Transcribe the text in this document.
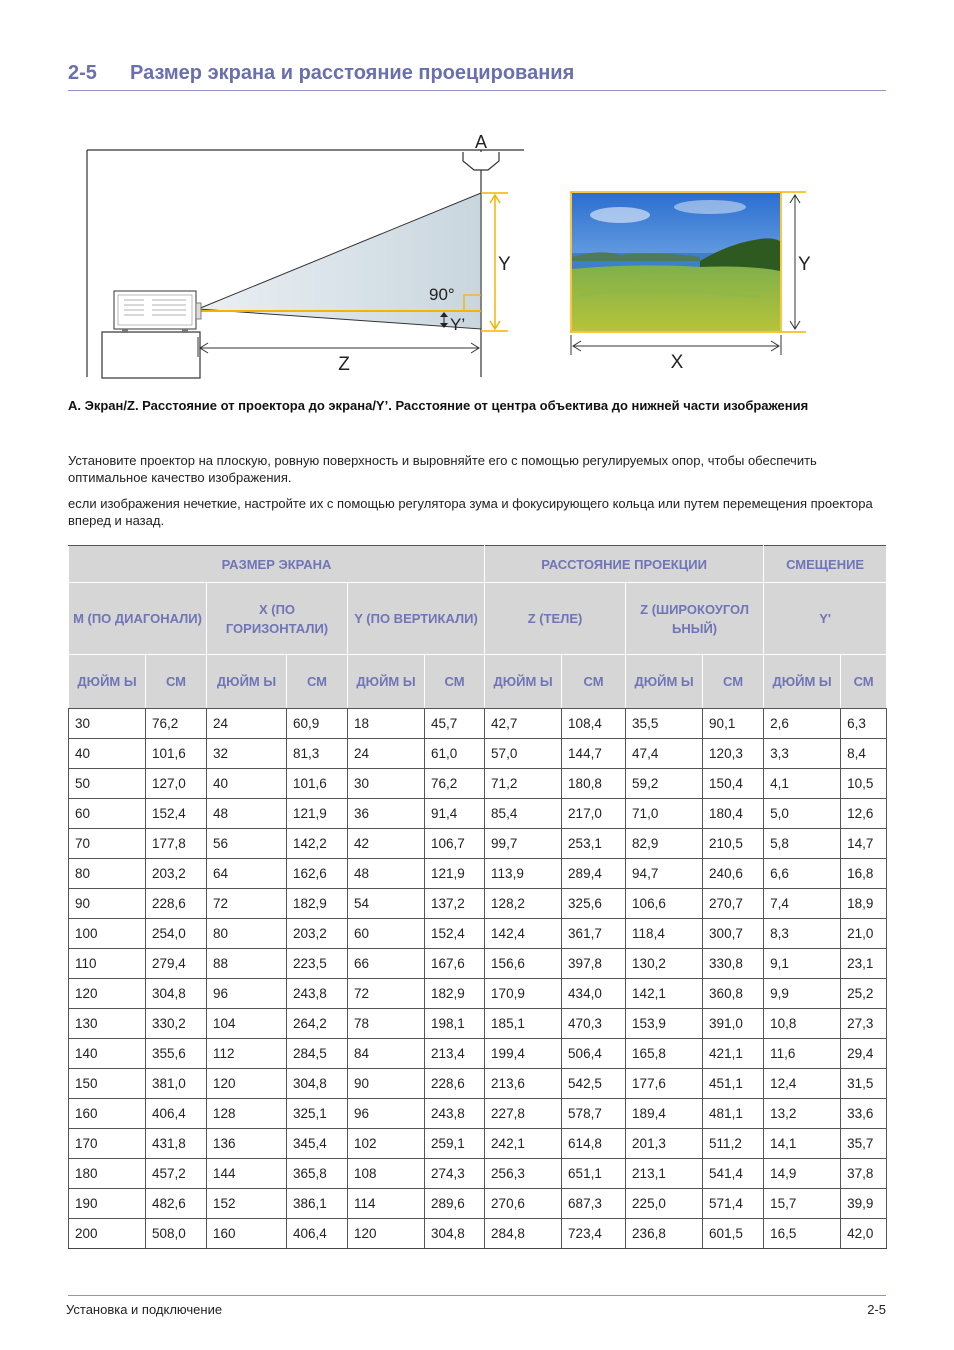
2-5 Размер экрана и расстояние проецирования
A
90°
Y’
Y
Z
Y
X
A. Экран/Z. Расстояние от проектора до экрана/Y’. Расстояние от центра объектива до нижней части изображения
Установите проектор на плоскую, ровную поверхность и выровняйте его с помощью регулируемых опор, чтобы обеспечить оптимальное качество изображения.
если изображения нечеткие, настройте их с помощью регулятора зума и фокусирующего кольца или путем перемещения проектора вперед и назад.
РАЗМЕР ЭКРАНА						РАССТОЯНИЕ ПРОЕКЦИИ				СМЕЩЕНИЕ	
M (ПО ДИАГОНАЛИ)		X (ПО ГОРИЗОНТАЛИ)		Y (ПО ВЕРТИКАЛИ)		Z (ТЕЛЕ)		Z (ШИРОКОУГОЛ ЬНЫЙ)		Y'	
ДЮЙМ Ы	СМ	ДЮЙМ Ы	СМ	ДЮЙМ Ы	СМ	ДЮЙМ Ы	СМ	ДЮЙМ Ы	СМ	ДЮЙМ Ы	СМ
30	76,2	24	60,9	18	45,7	42,7	108,4	35,5	90,1	2,6	6,3
40	101,6	32	81,3	24	61,0	57,0	144,7	47,4	120,3	3,3	8,4
50	127,0	40	101,6	30	76,2	71,2	180,8	59,2	150,4	4,1	10,5
60	152,4	48	121,9	36	91,4	85,4	217,0	71,0	180,4	5,0	12,6
70	177,8	56	142,2	42	106,7	99,7	253,1	82,9	210,5	5,8	14,7
80	203,2	64	162,6	48	121,9	113,9	289,4	94,7	240,6	6,6	16,8
90	228,6	72	182,9	54	137,2	128,2	325,6	106,6	270,7	7,4	18,9
100	254,0	80	203,2	60	152,4	142,4	361,7	118,4	300,7	8,3	21,0
110	279,4	88	223,5	66	167,6	156,6	397,8	130,2	330,8	9,1	23,1
120	304,8	96	243,8	72	182,9	170,9	434,0	142,1	360,8	9,9	25,2
130	330,2	104	264,2	78	198,1	185,1	470,3	153,9	391,0	10,8	27,3
140	355,6	112	284,5	84	213,4	199,4	506,4	165,8	421,1	11,6	29,4
150	381,0	120	304,8	90	228,6	213,6	542,5	177,6	451,1	12,4	31,5
160	406,4	128	325,1	96	243,8	227,8	578,7	189,4	481,1	13,2	33,6
170	431,8	136	345,4	102	259,1	242,1	614,8	201,3	511,2	14,1	35,7
180	457,2	144	365,8	108	274,3	256,3	651,1	213,1	541,4	14,9	37,8
190	482,6	152	386,1	114	289,6	270,6	687,3	225,0	571,4	15,7	39,9
200	508,0	160	406,4	120	304,8	284,8	723,4	236,8	601,5	16,5	42,0
Установка и подключение	2-5
